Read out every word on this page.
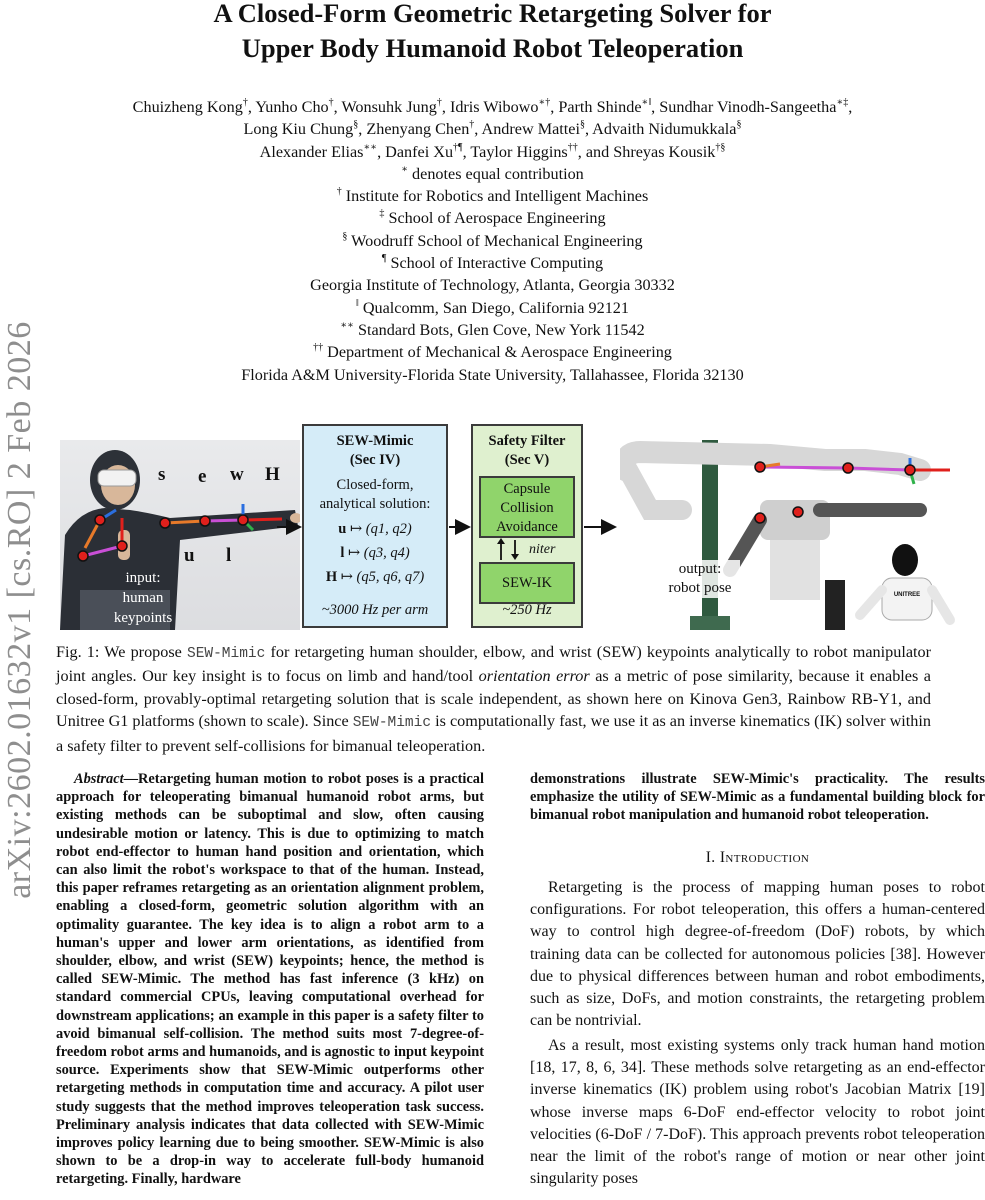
arXiv:2602.01632v1 [cs.RO] 2 Feb 2026
A Closed-Form Geometric Retargeting Solver for
Upper Body Humanoid Robot Teleoperation
Chuizheng Kong†, Yunho Cho†, Wonsuhk Jung†, Idris Wibowo∗†, Parth Shinde∗‖, Sundhar Vinodh-Sangeetha∗‡,
Long Kiu Chung§, Zhenyang Chen†, Andrew Mattei§, Advaith Nidumukkala§
Alexander Elias∗∗, Danfei Xu†¶, Taylor Higgins††, and Shreyas Kousik†§
∗ denotes equal contribution
† Institute for Robotics and Intelligent Machines
‡ School of Aerospace Engineering
§ Woodruff School of Mechanical Engineering
¶ School of Interactive Computing
Georgia Institute of Technology, Atlanta, Georgia 30332
‖ Qualcomm, San Diego, California 92121
∗∗ Standard Bots, Glen Cove, New York 11542
†† Department of Mechanical & Aerospace Engineering
Florida A&M University-Florida State University, Tallahassee, Florida 32130
s e w H
u l
input:
human
keypoints
SEW-Mimic
(Sec IV)
Closed-form,
analytical solution:
u ↦ (q1, q2)
l ↦ (q3, q4)
H ↦ (q5, q6, q7)
~3000 Hz per arm
Safety Filter
(Sec V)
Capsule
Collision
Avoidance
niter
SEW-IK
~250 Hz
UNITREE
output:
robot pose
Fig. 1: We propose SEW-Mimic for retargeting human shoulder, elbow, and wrist (SEW) keypoints analytically to robot manipulator joint angles. Our key insight is to focus on limb and hand/tool orientation error as a metric of pose similarity, because it enables a closed-form, provably-optimal retargeting solution that is scale independent, as shown here on Kinova Gen3, Rainbow RB-Y1, and Unitree G1 platforms (shown to scale). Since SEW-Mimic is computationally fast, we use it as an inverse kinematics (IK) solver within a safety filter to prevent self-collisions for bimanual teleoperation.
Abstract—Retargeting human motion to robot poses is a practical approach for teleoperating bimanual humanoid robot arms, but existing methods can be suboptimal and slow, often causing undesirable motion or latency. This is due to optimizing to match robot end-effector to human hand position and orientation, which can also limit the robot's workspace to that of the human. Instead, this paper reframes retargeting as an orientation alignment problem, enabling a closed-form, geometric solution algorithm with an optimality guarantee. The key idea is to align a robot arm to a human's upper and lower arm orientations, as identified from shoulder, elbow, and wrist (SEW) keypoints; hence, the method is called SEW-Mimic. The method has fast inference (3 kHz) on standard commercial CPUs, leaving computational overhead for downstream applications; an example in this paper is a safety filter to avoid bimanual self-collision. The method suits most 7-degree-of-freedom robot arms and humanoids, and is agnostic to input keypoint source. Experiments show that SEW-Mimic outperforms other retargeting methods in computation time and accuracy. A pilot user study suggests that the method improves teleoperation task success. Preliminary analysis indicates that data collected with SEW-Mimic improves policy learning due to being smoother. SEW-Mimic is also shown to be a drop-in way to accelerate full-body humanoid retargeting. Finally, hardware
demonstrations illustrate SEW-Mimic's practicality. The results emphasize the utility of SEW-Mimic as a fundamental building block for bimanual robot manipulation and humanoid robot teleoperation.
I. Introduction

Retargeting is the process of mapping human poses to robot configurations. For robot teleoperation, this offers a human-centered way to control high degree-of-freedom (DoF) robots, by which training data can be collected for autonomous policies [38]. However due to physical differences between human and robot embodiments, such as size, DoFs, and motion constraints, the retargeting problem can be nontrivial.

As a result, most existing systems only track human hand motion [18, 17, 8, 6, 34]. These methods solve retargeting as an end-effector inverse kinematics (IK) problem using robot's Jacobian Matrix [19] whose inverse maps 6-DoF end-effector velocity to robot joint velocities (6-DoF / 7-DoF). This approach prevents robot teleoperation near the limit of the robot's range of motion or near other joint singularity poses
